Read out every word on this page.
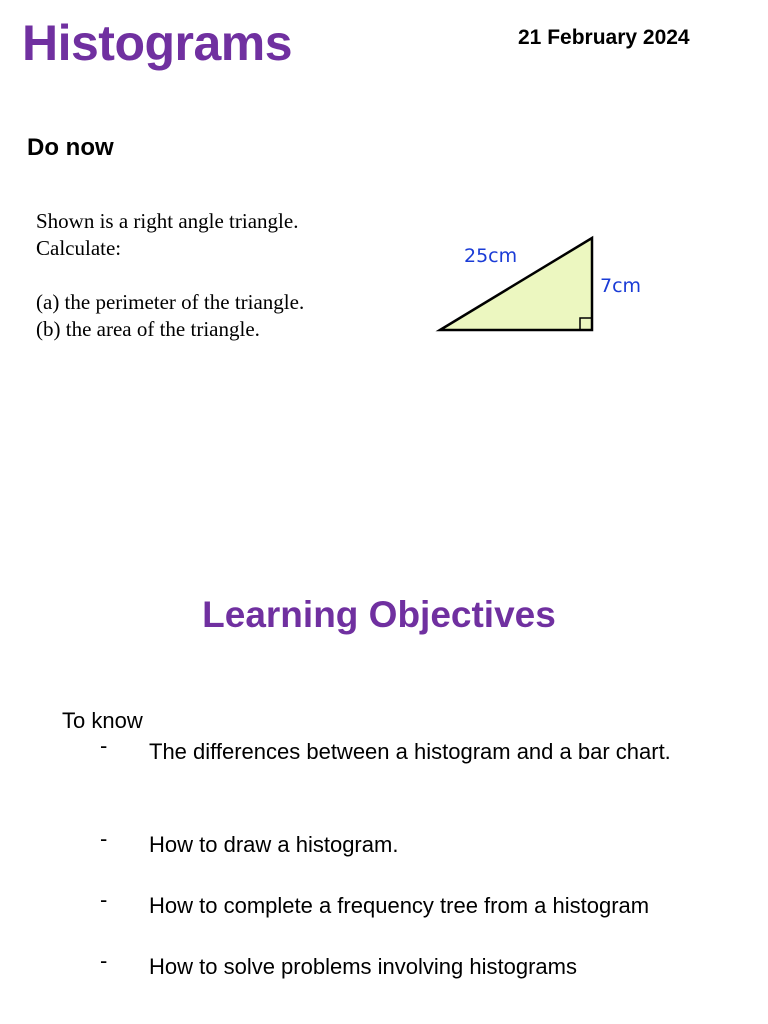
Histograms	21 February 2024
Do now
Shown is a right angle triangle.
Calculate:
(a) the perimeter of the triangle.
(b) the area of the triangle.
25cm
7cm
Learning Objectives
To know
- The differences between a histogram and a bar chart.
- How to draw a histogram.
- How to complete a frequency tree from a histogram
- How to solve problems involving histograms
